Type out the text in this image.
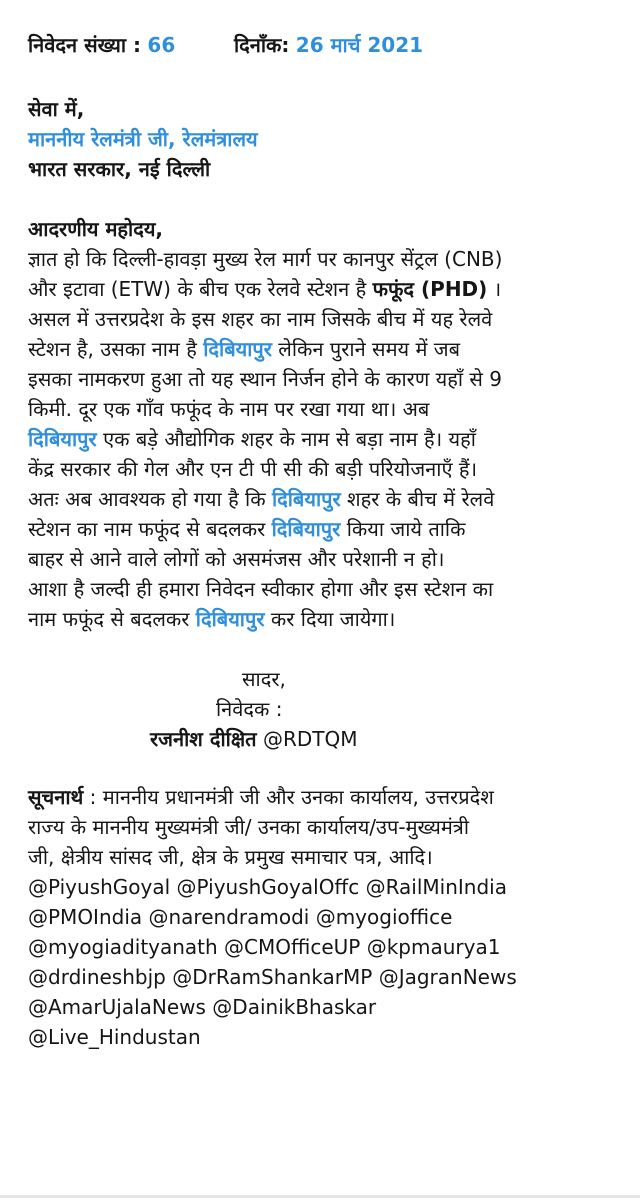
निवेदन संख्या : 66	दिनाँक: 26 मार्च 2021
सेवा में,
माननीय रेलमंत्री जी, रेलमंत्रालय
भारत सरकार, नई दिल्ली
आदरणीय महोदय,
ज्ञात हो कि दिल्ली-हावड़ा मुख्य रेल मार्ग पर कानपुर सेंट्रल (CNB)
और इटावा (ETW) के बीच एक रेलवे स्टेशन है फफूंद (PHD) ।
असल में उत्तरप्रदेश के इस शहर का नाम जिसके बीच में यह रेलवे
स्टेशन है, उसका नाम है दिबियापुर लेकिन पुराने समय में जब
इसका नामकरण हुआ तो यह स्थान निर्जन होने के कारण यहाँ से 9
किमी. दूर एक गाँव फफूंद के नाम पर रखा गया था। अब
दिबियापुर एक बड़े औद्योगिक शहर के नाम से बड़ा नाम है। यहाँ
केंद्र सरकार की गेल और एन टी पी सी की बड़ी परियोजनाएँ हैं।
अतः अब आवश्यक हो गया है कि दिबियापुर शहर के बीच में रेलवे
स्टेशन का नाम फफूंद से बदलकर दिबियापुर किया जाये ताकि
बाहर से आने वाले लोगों को असमंजस और परेशानी न हो।
आशा है जल्दी ही हमारा निवेदन स्वीकार होगा और इस स्टेशन का
नाम फफूंद से बदलकर दिबियापुर कर दिया जायेगा।
सादर,
निवेदक :
रजनीश दीक्षित @RDTQM
सूचनार्थ : माननीय प्रधानमंत्री जी और उनका कार्यालय, उत्तरप्रदेश
राज्य के माननीय मुख्यमंत्री जी/ उनका कार्यालय/उप-मुख्यमंत्री
जी, क्षेत्रीय सांसद जी, क्षेत्र के प्रमुख समाचार पत्र, आदि।
@PiyushGoyal @PiyushGoyalOffc @RailMinIndia
@PMOIndia @narendramodi @myogioffice
@myogiadityanath @CMOfficeUP @kpmaurya1
@drdineshbjp @DrRamShankarMP @JagranNews
@AmarUjalaNews @DainikBhaskar
@Live_Hindustan
